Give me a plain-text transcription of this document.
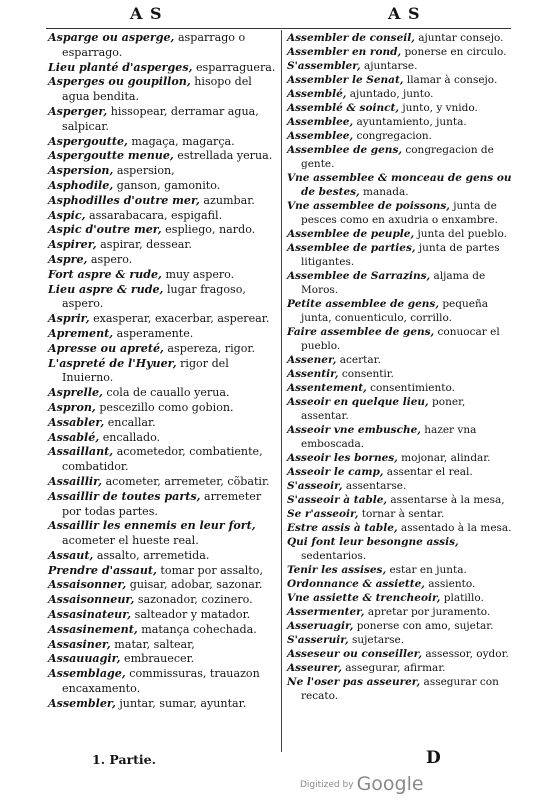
A S	A S

Asparge ou asperge, asparrago o esparrago.

Lieu planté d'asperges, esparraguera.

Asperges ou goupillon, hisopo del agua bendita.

Asperger, hissopear, derramar agua, salpicar.

Aspergoutte, magaça, magarça.

Aspergoutte menue, estrellada yerua.

Aspersion, aspersion,

Asphodile, ganson, gamonito.

Asphodilles d'outre mer, azumbar.

Aspic, assarabacara, espigafil.

Aspic d'outre mer, espliego, nardo.

Aspirer, aspirar, dessear.

Aspre, aspero.

Fort aspre & rude, muy aspero.

Lieu aspre & rude, lugar fragoso, aspero.

Asprir, exasperar, exacerbar, asperear.

Aprement, asperamente.

Apresse ou apreté, aspereza, rigor.

L'aspreté de l'Hyuer, rigor del Inuierno.

Asprelle, cola de cauallo yerua.

Aspron, pescezillo como gobion.

Assabler, encallar.

Assablé, encallado.

Assaillant, acometedor, combatiente, combatidor.

Assaillir, acometer, arremeter, cõbatir.

Assaillir de toutes parts, arremeter por todas partes.

Assaillir les ennemis en leur fort, acometer el hueste real.

Assaut, assalto, arremetida.

Prendre d'assaut, tomar por assalto,

Assaisonner, guisar, adobar, sazonar.

Assaisonneur, sazonador, cozinero.

Assasinateur, salteador y matador.

Assasinement, matança cohechada.

Assasiner, matar, saltear,

Assauuagir, embrauecer.

Assemblage, commissuras, trauazon encaxamento.

Assembler, juntar, sumar, ayuntar.

Assembler de conseil, ajuntar consejo.

Assembler en rond, ponerse en circulo.

S'assembler, ajuntarse.

Assembler le Senat, llamar à consejo.

Assemblé, ajuntado, junto.

Assemblé & soinct, junto, y vnido.

Assemblee, ayuntamiento, junta.

Assemblee, congregacion.

Assemblee de gens, congregacion de gente.

Vne assemblee & monceau de gens ou de bestes, manada.

Vne assemblee de poissons, junta de pesces como en axudria o enxambre.

Assemblee de peuple, junta del pueblo.

Assemblee de parties, junta de partes litigantes.

Assemblee de Sarrazins, aljama de Moros.

Petite assemblee de gens, pequeña junta, conuenticulo, corrillo.

Faire assemblee de gens, conuocar el pueblo.

Assener, acertar.

Assentir, consentir.

Assentement, consentimiento.

Asseoir en quelque lieu, poner, assentar.

Asseoir vne embusche, hazer vna emboscada.

Asseoir les bornes, mojonar, alindar.

Asseoir le camp, assentar el real.

S'asseoir, assentarse.

S'asseoir à table, assentarse à la mesa,

Se r'asseoir, tornar à sentar.

Estre assis à table, assentado à la mesa.

Qui font leur besongne assis, sedentarios.

Tenir les assises, estar en junta.

Ordonnance & assiette, assiento.

Vne assiette & trencheoir, platillo.

Assermenter, apretar por juramento.

Asseruagir, ponerse con amo, sujetar.

S'asseruir, sujetarse.

Asseseur ou conseiller, assessor, oydor.

Asseurer, assegurar, afirmar.

Ne l'oser pas asseurer, assegurar con recato.

1. Partie.	D
Digitized by Google
